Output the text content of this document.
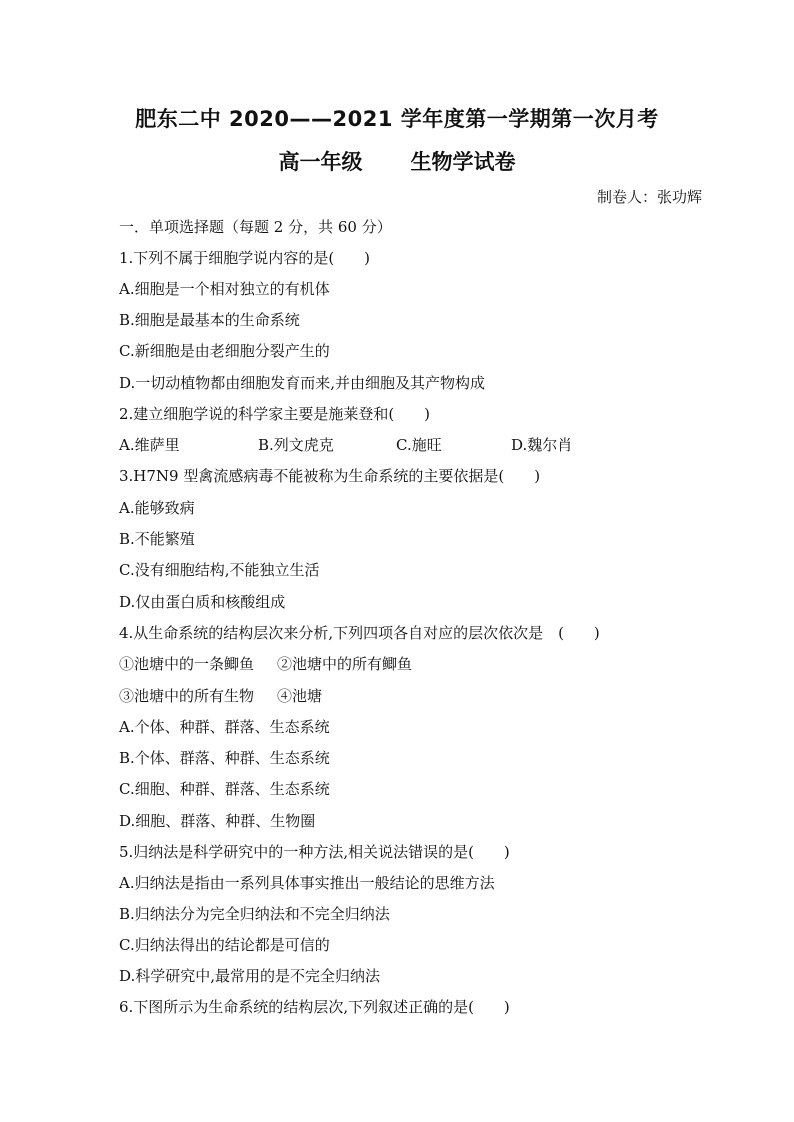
肥东二中 2020——2021 学年度第一学期第一次月考
高一年级 生物学试卷
制卷人：张功辉
一．单项选择题（每题 2 分，共 60 分）
1.下列不属于细胞学说内容的是(　　)
A.细胞是一个相对独立的有机体
B.细胞是最基本的生命系统
C.新细胞是由老细胞分裂产生的
D.一切动植物都由细胞发育而来,并由细胞及其产物构成
2.建立细胞学说的科学家主要是施莱登和(　　)
A.维萨里	B.列文虎克	C.施旺	D.魏尔肖
3.H7N9 型禽流感病毒不能被称为生命系统的主要依据是(　　)
A.能够致病
B.不能繁殖
C.没有细胞结构,不能独立生活
D.仅由蛋白质和核酸组成
4.从生命系统的结构层次来分析,下列四项各自对应的层次依次是　(　　)
①池塘中的一条鲫鱼 ②池塘中的所有鲫鱼
③池塘中的所有生物 ④池塘
A.个体、种群、群落、生态系统
B.个体、群落、种群、生态系统
C.细胞、种群、群落、生态系统
D.细胞、群落、种群、生物圈
5.归纳法是科学研究中的一种方法,相关说法错误的是(　　)
A.归纳法是指由一系列具体事实推出一般结论的思维方法
B.归纳法分为完全归纳法和不完全归纳法
C.归纳法得出的结论都是可信的
D.科学研究中,最常用的是不完全归纳法
6.下图所示为生命系统的结构层次,下列叙述正确的是(　　)
